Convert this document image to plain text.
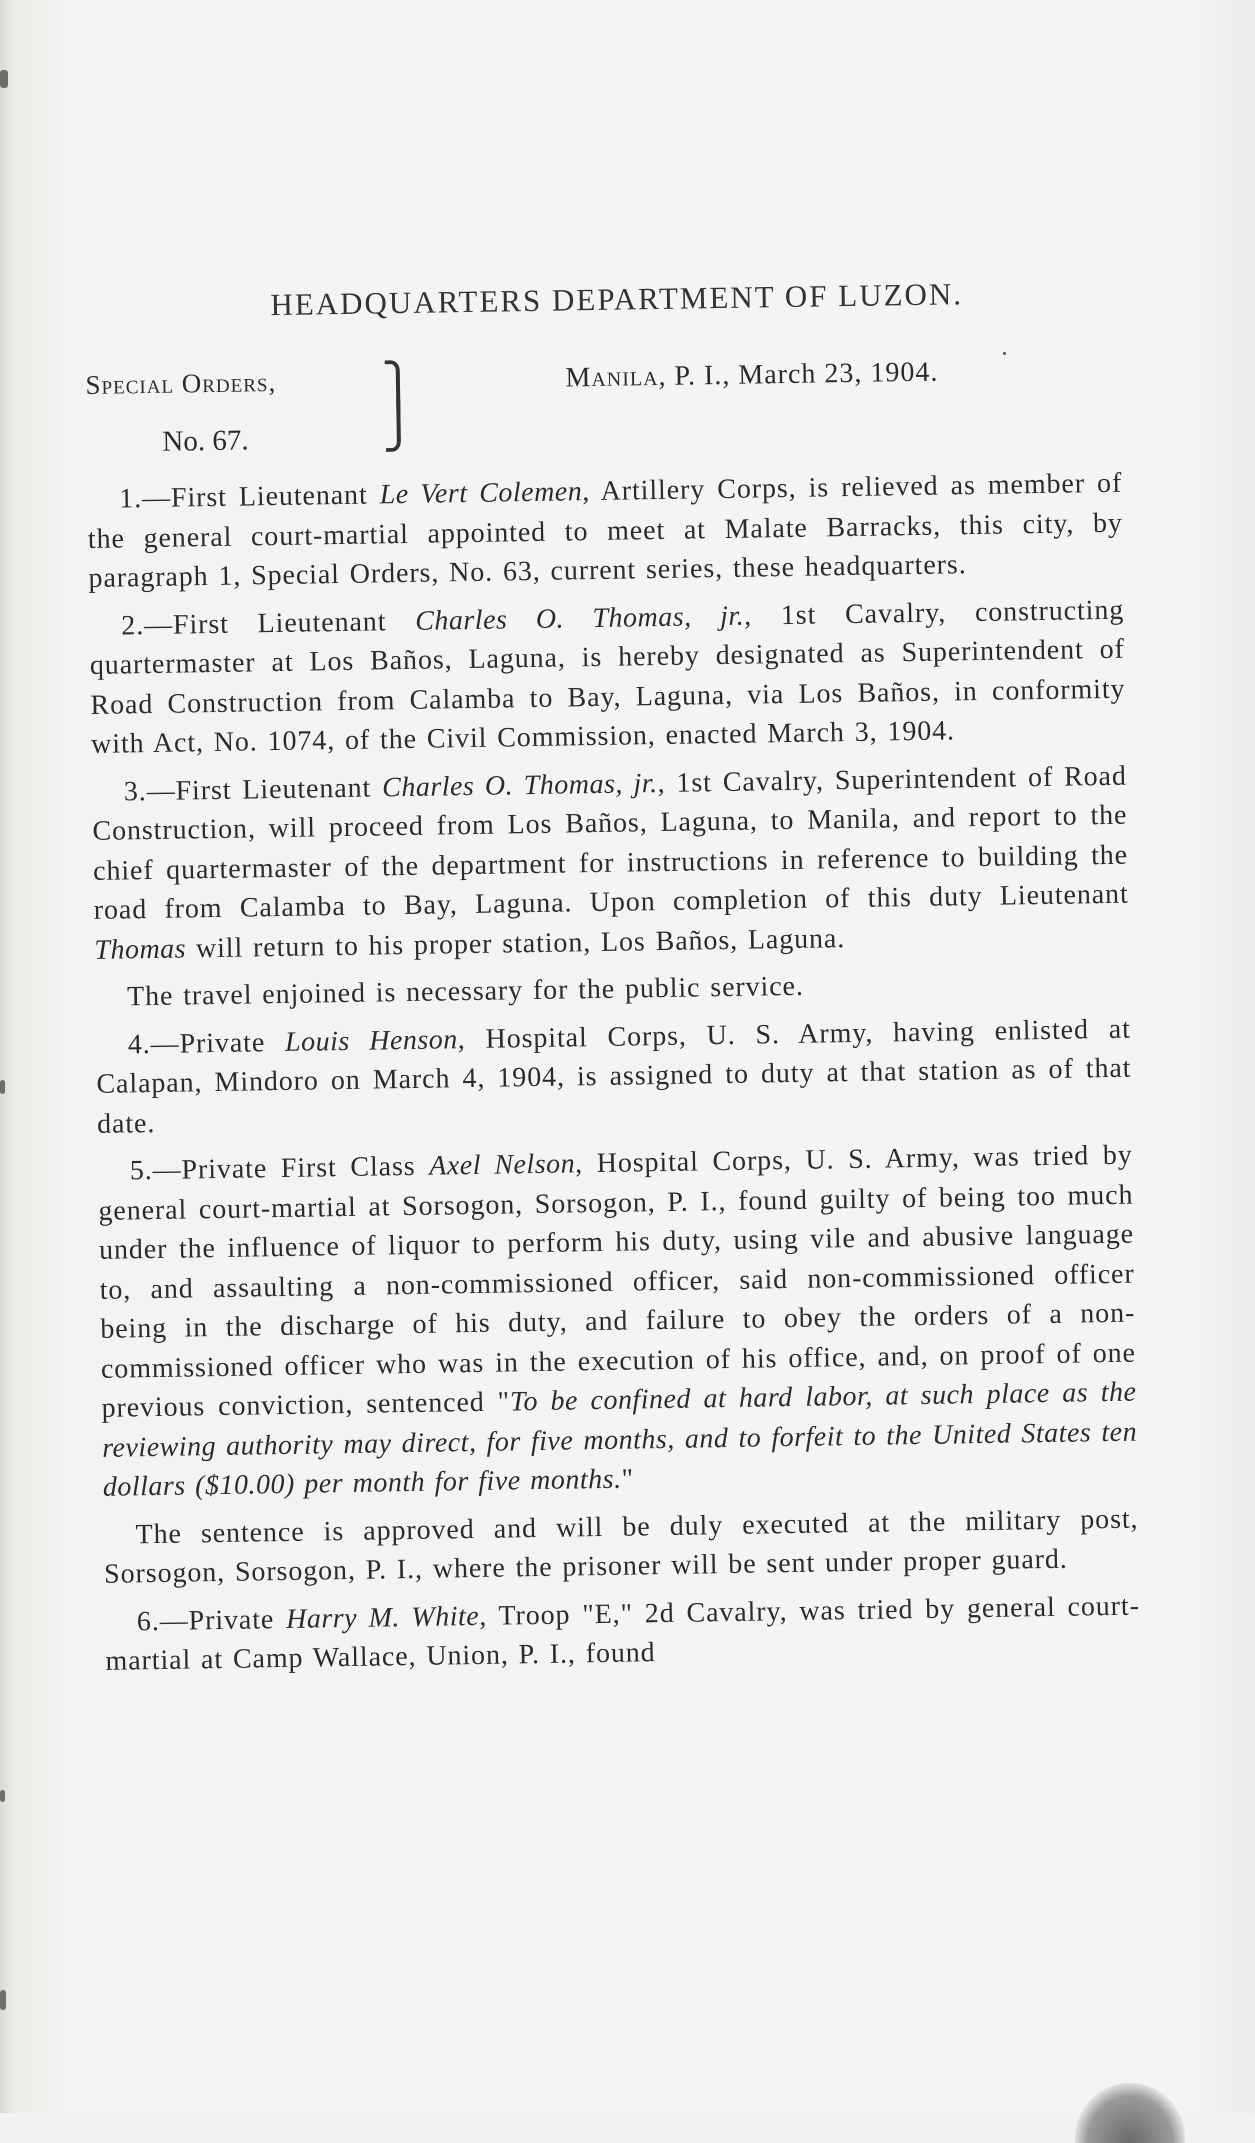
HEADQUARTERS DEPARTMENT OF LUZON.
Special Orders,
No. 67.
⎫
⎭
Manila, P. I., March 23, 1904.

1.—First Lieutenant Le Vert Colemen, Artillery Corps, is relieved as member of the general court-martial appointed to meet at Malate Barracks, this city, by paragraph 1, Special Orders, No. 63, current series, these headquarters.

2.—First Lieutenant Charles O. Thomas, jr., 1st Cavalry, constructing quartermaster at Los Baños, Laguna, is hereby designated as Superintendent of Road Construction from Calamba to Bay, Laguna, via Los Baños, in conformity with Act, No. 1074, of the Civil Commission, enacted March 3, 1904.

3.—First Lieutenant Charles O. Thomas, jr., 1st Cavalry, Superintendent of Road Construction, will proceed from Los Baños, Laguna, to Manila, and report to the chief quartermaster of the department for instructions in reference to building the road from Calamba to Bay, Laguna. Upon completion of this duty Lieutenant Thomas will return to his proper station, Los Baños, Laguna.

The travel enjoined is necessary for the public service.

4.—Private Louis Henson, Hospital Corps, U. S. Army, having enlisted at Calapan, Mindoro on March 4, 1904, is assigned to duty at that station as of that date.

5.—Private First Class Axel Nelson, Hospital Corps, U. S. Army, was tried by general court-martial at Sorsogon, Sorsogon, P. I., found guilty of being too much under the influence of liquor to perform his duty, using vile and abusive language to, and assaulting a non-commissioned officer, said non-commissioned officer being in the discharge of his duty, and failure to obey the orders of a non-commissioned officer who was in the execution of his office, and, on proof of one previous conviction, sentenced "To be confined at hard labor, at such place as the reviewing authority may direct, for five months, and to forfeit to the United States ten dollars ($10.00) per month for five months."

The sentence is approved and will be duly executed at the military post, Sorsogon, Sorsogon, P. I., where the prisoner will be sent under proper guard.

6.—Private Harry M. White, Troop "E," 2d Cavalry, was tried by general court-martial at Camp Wallace, Union, P. I., found
